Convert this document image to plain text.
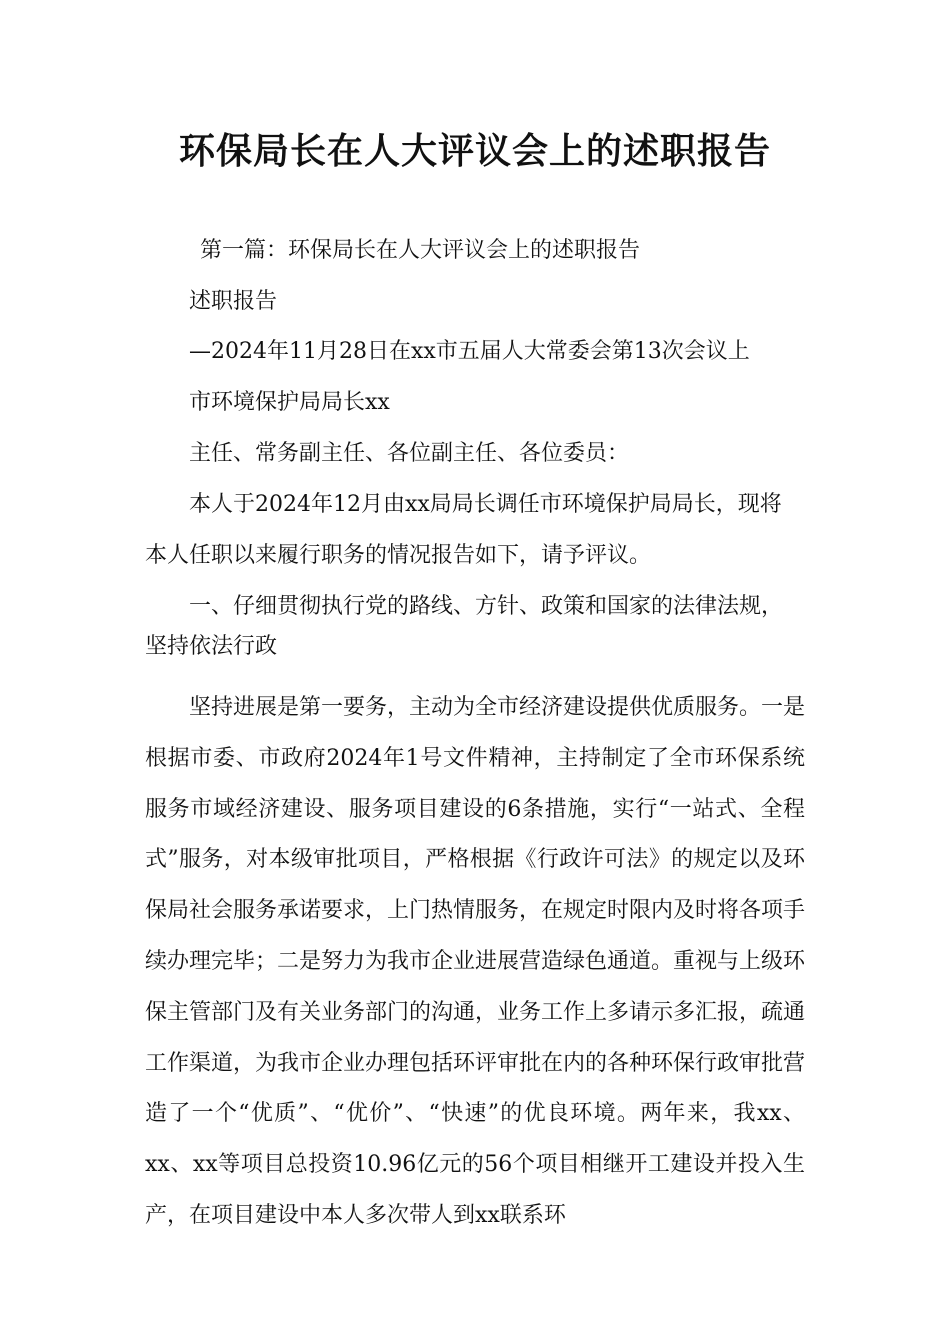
环保局长在人大评议会上的述职报告

第一篇：环保局长在人大评议会上的述职报告

述职报告

—2024年11月28日在xx市五届人大常委会第13次会议上

市环境保护局局长xx

主任、常务副主任、各位副主任、各位委员：

本人于2024年12月由xx局局长调任市环境保护局局长，现将

本人任职以来履行职务的情况报告如下，请予评议。

一、仔细贯彻执行党的路线、方针、政策和国家的法律法规，

坚持依法行政

坚持进展是第一要务，主动为全市经济建设提供优质服务。一是根据市委、市政府2024年1号文件精神，主持制定了全市环保系统服务市域经济建设、服务项目建设的6条措施，实行“一站式、全程式”服务，对本级审批项目，严格根据《行政许可法》的规定以及环保局社会服务承诺要求，上门热情服务，在规定时限内及时将各项手续办理完毕；二是努力为我市企业进展营造绿色通道。重视与上级环保主管部门及有关业务部门的沟通，业务工作上多请示多汇报，疏通工作渠道，为我市企业办理包括环评审批在内的各种环保行政审批营造了一个“优质”、“优价”、“快速”的优良环境。两年来，我xx、xx、xx等项目总投资10.96亿元的56个项目相继开工建设并投入生产，在项目建设中本人多次带人到xx联系环
